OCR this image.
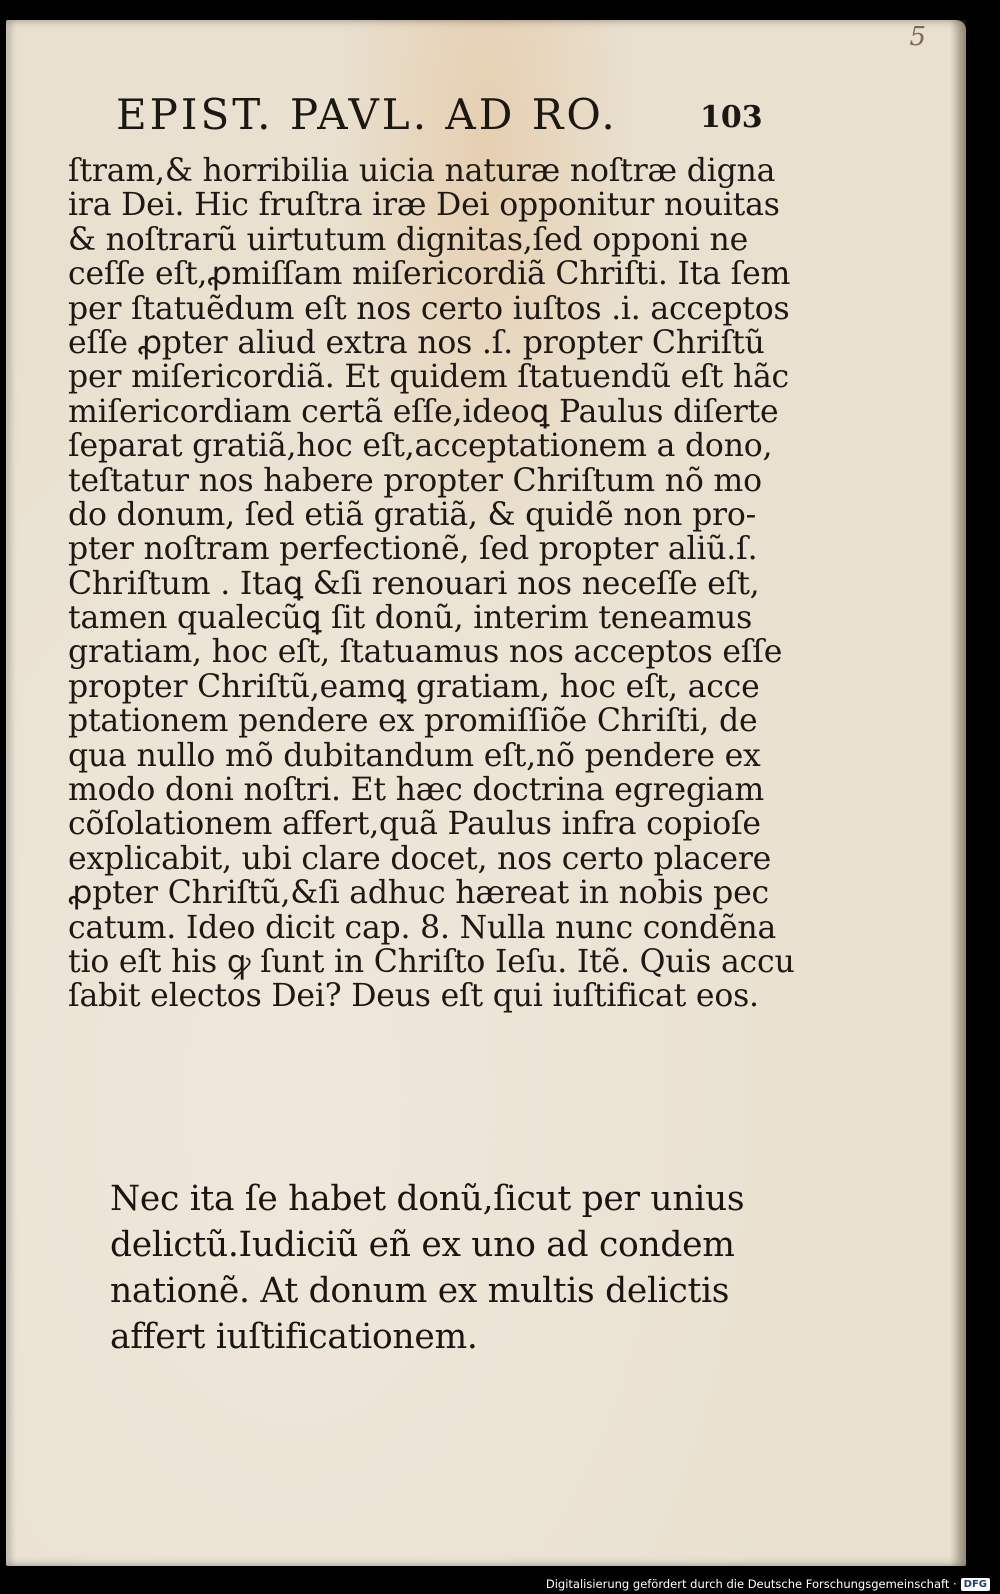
5
EPIST. PAVL. AD RO.	103
ſtram,& horribilia uicia naturæ noſtræ digna
ira Dei. Hic fruſtra iræ Dei opponitur nouitas
& noſtrarũ uirtutum dignitas,ſed opponi ne
ceſſe eſt,ꝓmiſſam miſericordiã Chriſti. Ita ſem
per ſtatuẽdum eſt nos certo iuſtos .i. acceptos
eſſe ꝓpter aliud extra nos .ſ. propter Chriſtũ
per miſericordiã. Et quidem ſtatuendũ eſt hãc
miſericordiam certã eſſe,ideoꝗ Paulus diſerte
ſeparat gratiã,hoc eſt,acceptationem a dono,
teſtatur nos habere propter Chriſtum nõ mo
do donum, ſed etiã gratiã, & quidẽ non pro-
pter noſtram perfectionẽ, ſed propter aliũ.ſ.
Chriſtum . Itaꝗ &ſi renouari nos neceſſe eſt,
tamen qualecũꝗ ſit donũ, interim teneamus
gratiam, hoc eſt, ſtatuamus nos acceptos eſſe
propter Chriſtũ,eamꝗ gratiam, hoc eſt, acce
ptationem pendere ex promiſſiõe Chriſti, de
qua nullo mõ dubitandum eſt,nõ pendere ex
modo doni noſtri. Et hæc doctrina egregiam
cõſolationem affert,quã Paulus infra copioſe
explicabit, ubi clare docet, nos certo placere
ꝓpter Chriſtũ,&ſi adhuc hæreat in nobis pec
catum. Ideo dicit cap. 8. Nulla nunc condẽna
tio eſt his ꝙ ſunt in Chriſto Ieſu. Itẽ. Quis accu
ſabit electos Dei? Deus eſt qui iuſtificat eos.
Nec ita ſe habet donũ,ſicut per unius
delictũ.Iudiciũ eñ ex uno ad condem
nationẽ. At donum ex multis delictis
affert iuſtificationem.
Digitalisierung gefördert durch die Deutsche Forschungsgemeinschaft · DFG
